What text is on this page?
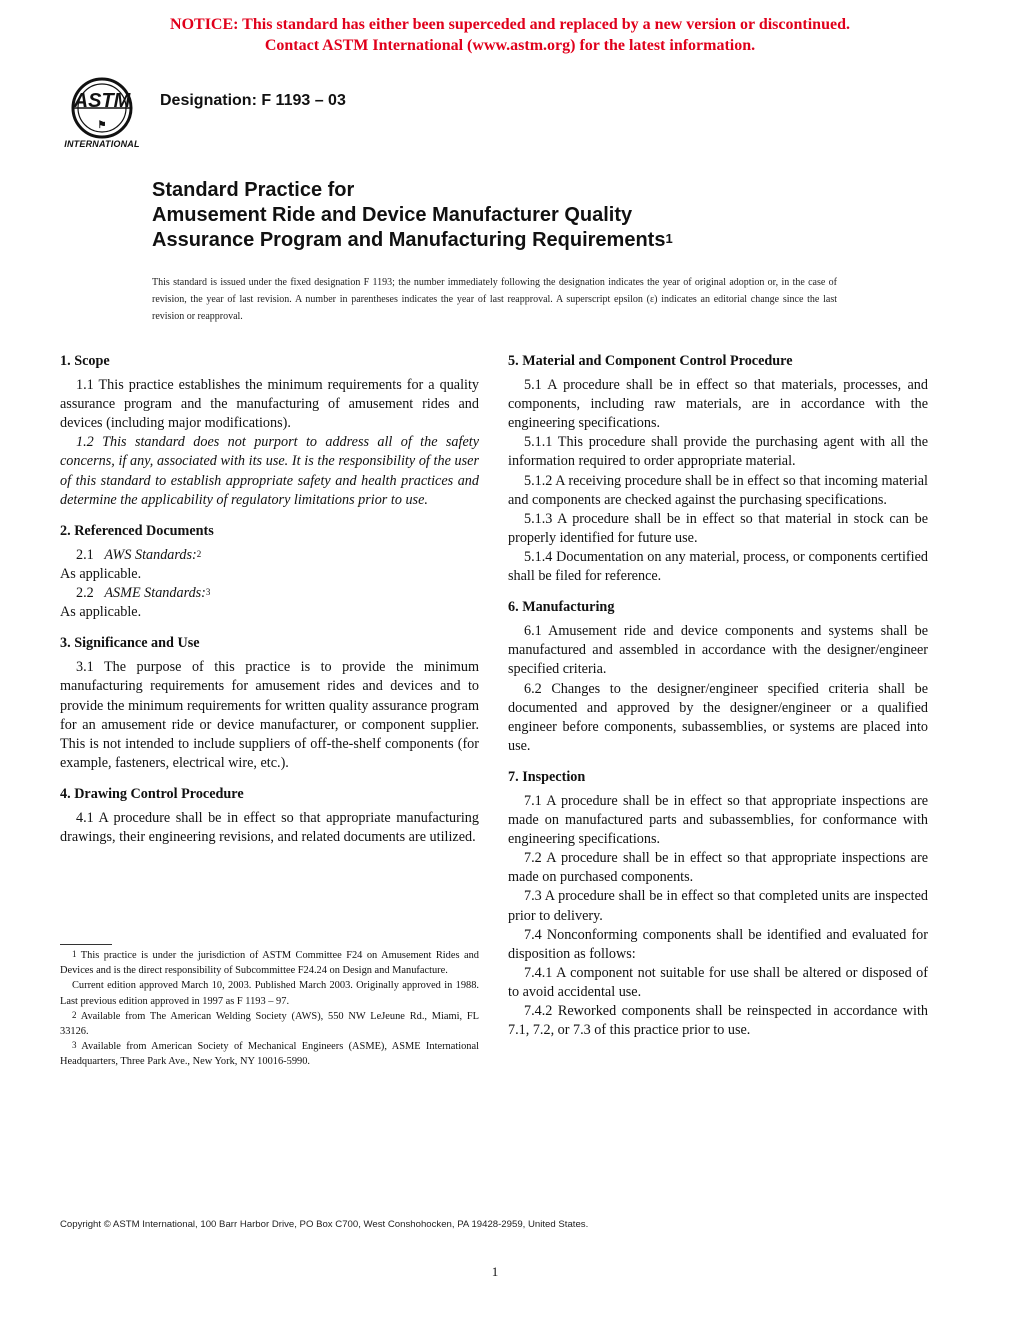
NOTICE: This standard has either been superceded and replaced by a new version or discontinued.
Contact ASTM International (www.astm.org) for the latest information.
ASTM
⚑
INTERNATIONAL
Designation: F 1193 – 03
Standard Practice for
Amusement Ride and Device Manufacturer Quality
Assurance Program and Manufacturing Requirements$^1$
This standard is issued under the fixed designation F 1193; the number immediately following the designation indicates the year of original adoption or, in the case of revision, the year of last revision. A number in parentheses indicates the year of last reapproval. A superscript epsilon (ε) indicates an editorial change since the last revision or reapproval.
1. Scope

1.1 This practice establishes the minimum requirements for a quality assurance program and the manufacturing of amusement rides and devices (including major modifications).

1.2 This standard does not purport to address all of the safety concerns, if any, associated with its use. It is the responsibility of the user of this standard to establish appropriate safety and health practices and determine the applicability of regulatory limitations prior to use.

2. Referenced Documents

2.1 AWS Standards:$^2$

As applicable.

2.2 ASME Standards:$^3$

As applicable.

3. Significance and Use

3.1 The purpose of this practice is to provide the minimum manufacturing requirements for amusement rides and devices and to provide the minimum requirements for written quality assurance program for an amusement ride or device manufacturer, or component supplier. This is not intended to include suppliers of off-the-shelf components (for example, fasteners, electrical wire, etc.).

4. Drawing Control Procedure

4.1 A procedure shall be in effect so that appropriate manufacturing drawings, their engineering revisions, and related documents are utilized.

$^1$ This practice is under the jurisdiction of ASTM Committee F24 on Amusement Rides and Devices and is the direct responsibility of Subcommittee F24.24 on Design and Manufacture.

Current edition approved March 10, 2003. Published March 2003. Originally approved in 1988. Last previous edition approved in 1997 as F 1193 – 97.

$^2$ Available from The American Welding Society (AWS), 550 NW LeJeune Rd., Miami, FL 33126.

$^3$ Available from American Society of Mechanical Engineers (ASME), ASME International Headquarters, Three Park Ave., New York, NY 10016-5990.

5. Material and Component Control Procedure

5.1 A procedure shall be in effect so that materials, processes, and components, including raw materials, are in accordance with the engineering specifications.

5.1.1 This procedure shall provide the purchasing agent with all the information required to order appropriate material.

5.1.2 A receiving procedure shall be in effect so that incoming material and components are checked against the purchasing specifications.

5.1.3 A procedure shall be in effect so that material in stock can be properly identified for future use.

5.1.4 Documentation on any material, process, or components certified shall be filed for reference.

6. Manufacturing

6.1 Amusement ride and device components and systems shall be manufactured and assembled in accordance with the designer/engineer specified criteria.

6.2 Changes to the designer/engineer specified criteria shall be documented and approved by the designer/engineer or a qualified engineer before components, subassemblies, or systems are placed into use.

7. Inspection

7.1 A procedure shall be in effect so that appropriate inspections are made on manufactured parts and subassemblies, for conformance with engineering specifications.

7.2 A procedure shall be in effect so that appropriate inspections are made on purchased components.

7.3 A procedure shall be in effect so that completed units are inspected prior to delivery.

7.4 Nonconforming components shall be identified and evaluated for disposition as follows:

7.4.1 A component not suitable for use shall be altered or disposed of to avoid accidental use.

7.4.2 Reworked components shall be reinspected in accordance with 7.1, 7.2, or 7.3 of this practice prior to use.

Copyright © ASTM International, 100 Barr Harbor Drive, PO Box C700, West Conshohocken, PA 19428-2959, United States.
1
